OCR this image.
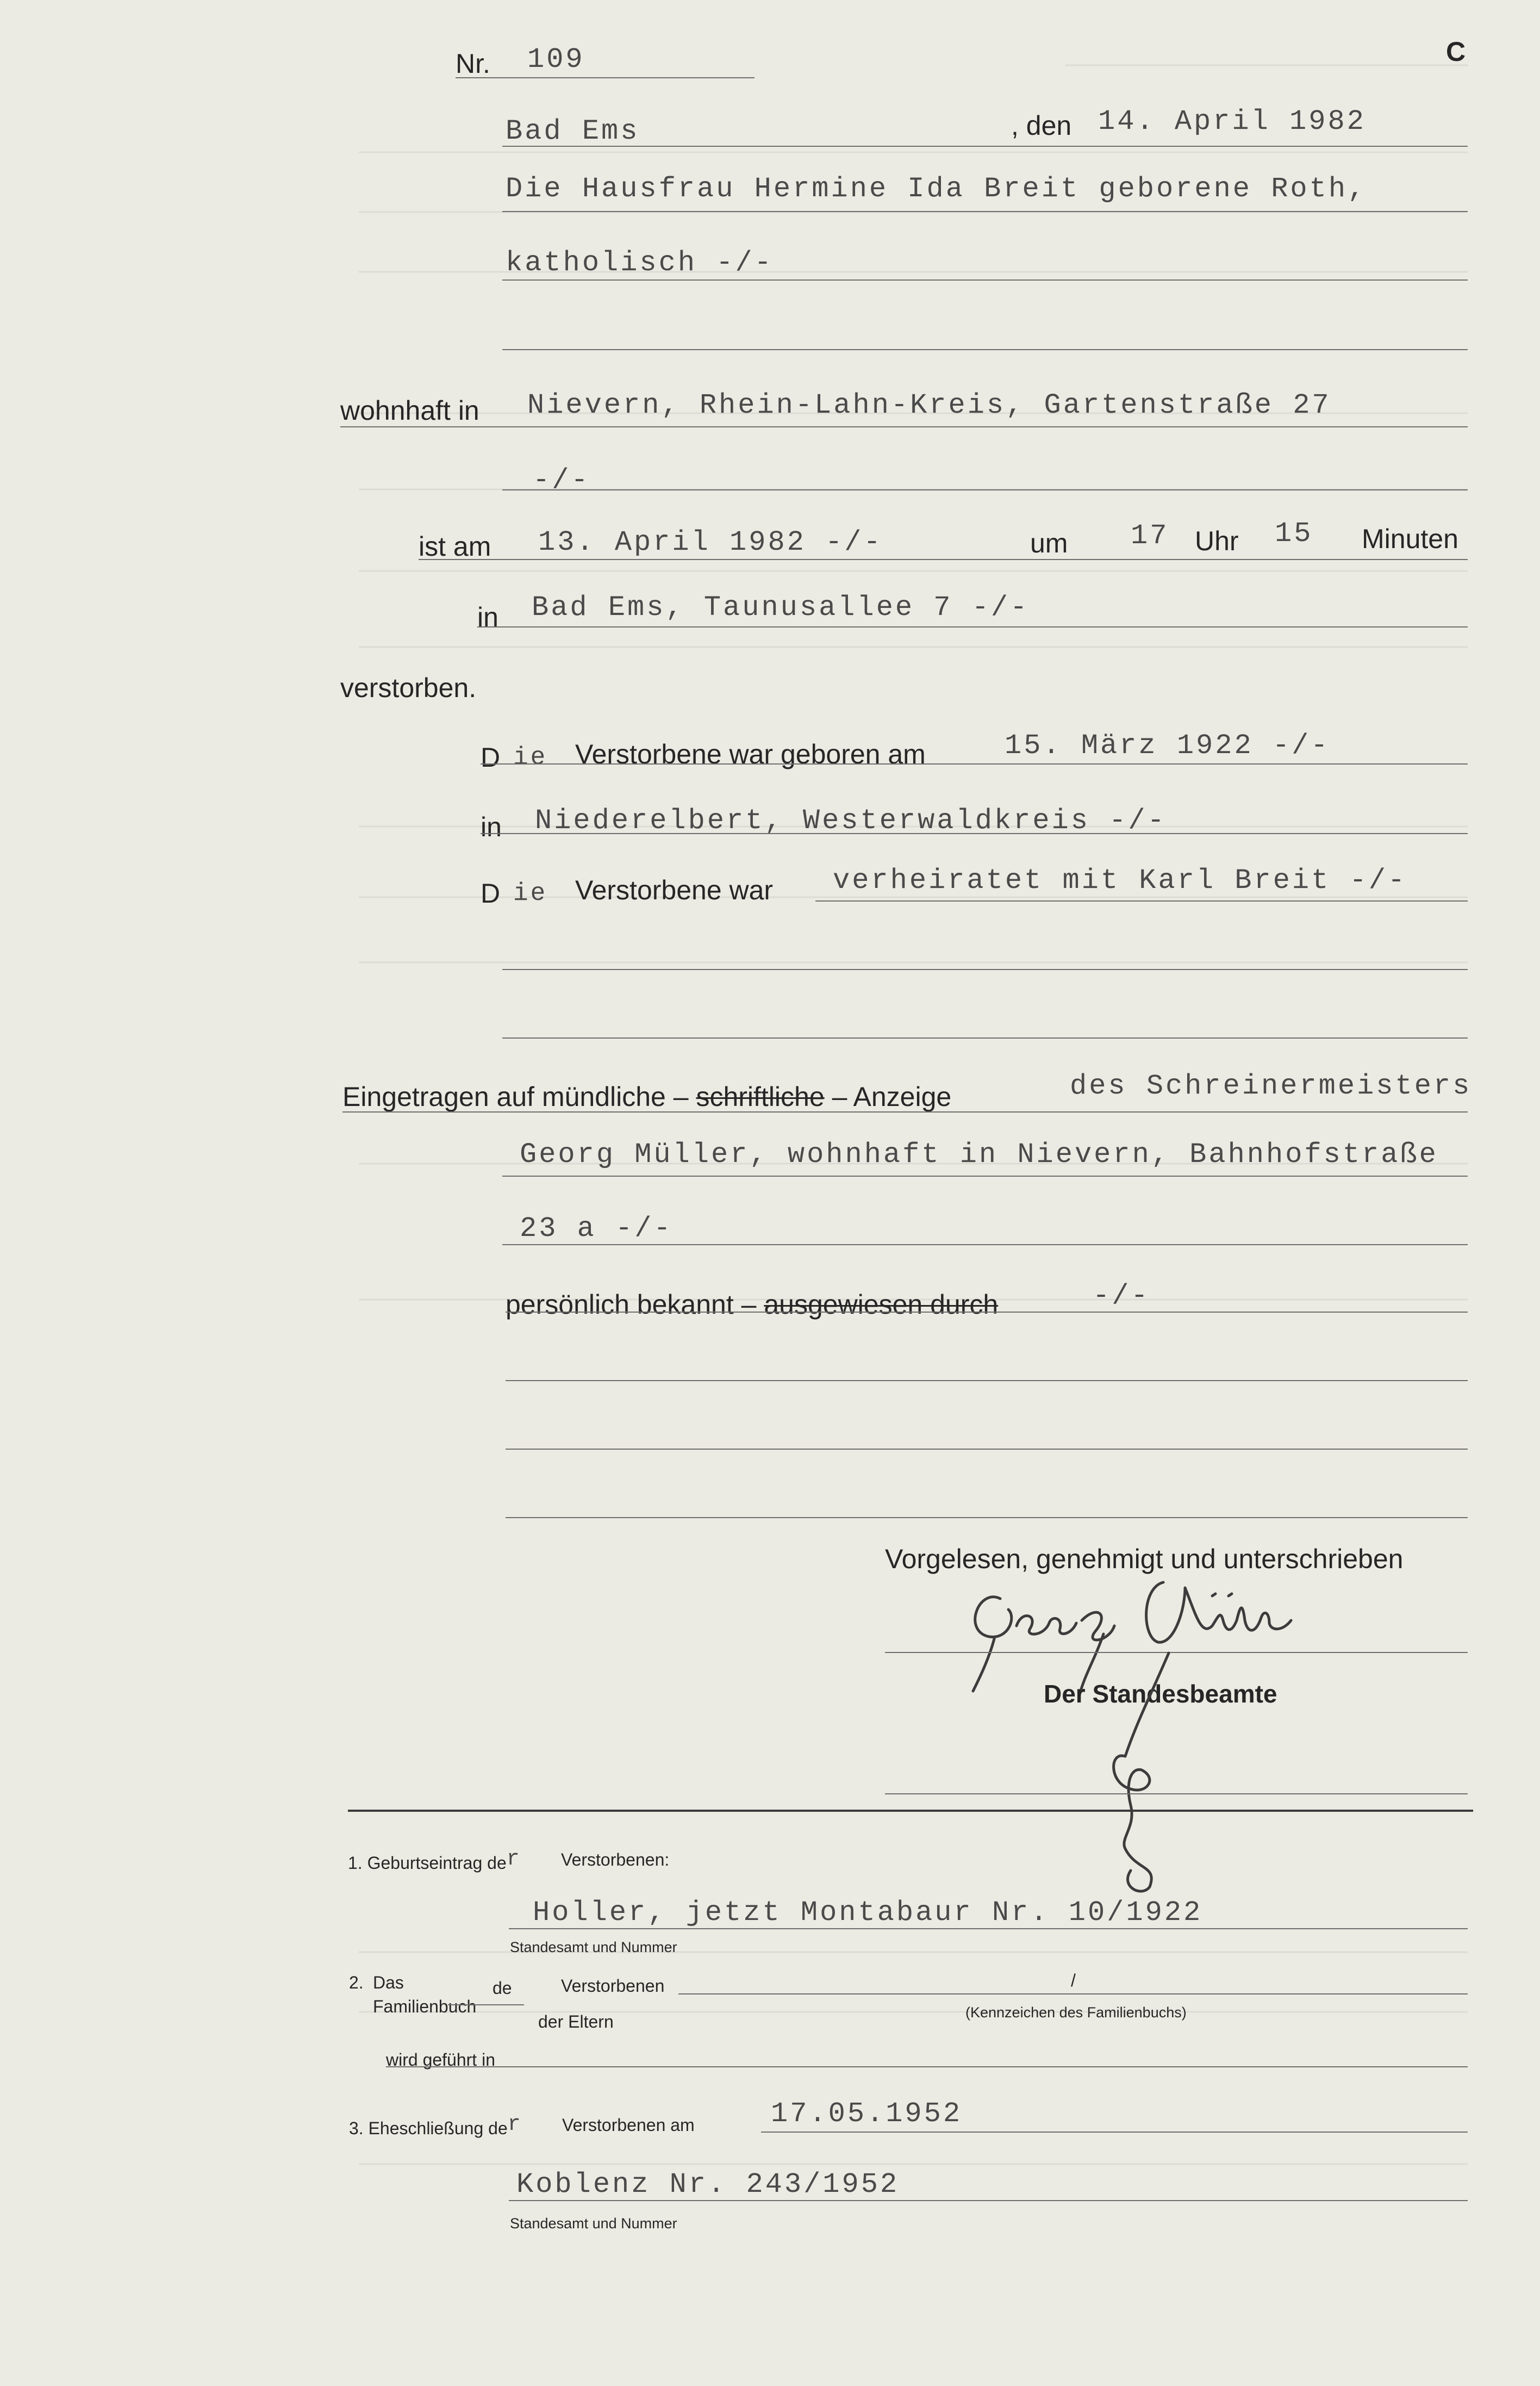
Nr. 109	C
Bad Ems	, den 14. April 1982
Die Hausfrau Hermine Ida Breit geborene Roth,
katholisch -/-
wohnhaft in Nievern, Rhein-Lahn-Kreis, Gartenstraße 27
-/-
ist am 13. April 1982 -/-	um 17 Uhr 15 Minuten
in Bad Ems, Taunusallee 7 -/-
verstorben.
D ie Verstorbene war geboren am	15. März 1922 -/-
in Niederelbert, Westerwaldkreis -/-
D ie Verstorbene war verheiratet mit Karl Breit -/-
Eingetragen auf mündliche – schriftliche – Anzeige	des Schreinermeisters
Georg Müller, wohnhaft in Nievern, Bahnhofstraße
23 a -/-
persönlich bekannt – ausgewiesen durch	-/-
Vorgelesen, genehmigt und unterschrieben
Der Standesbeamte
1. Geburtseintrag der Verstorbenen:
Holler, jetzt Montabaur Nr. 10/1922
Standesamt und Nummer
2. Das
Familienbuch
de	Verstorbenen
der Eltern
/
(Kennzeichen des Familienbuchs)
wird geführt in
3. Eheschließung der Verstorbenen am	17.05.1952
Koblenz Nr. 243/1952
Standesamt und Nummer
